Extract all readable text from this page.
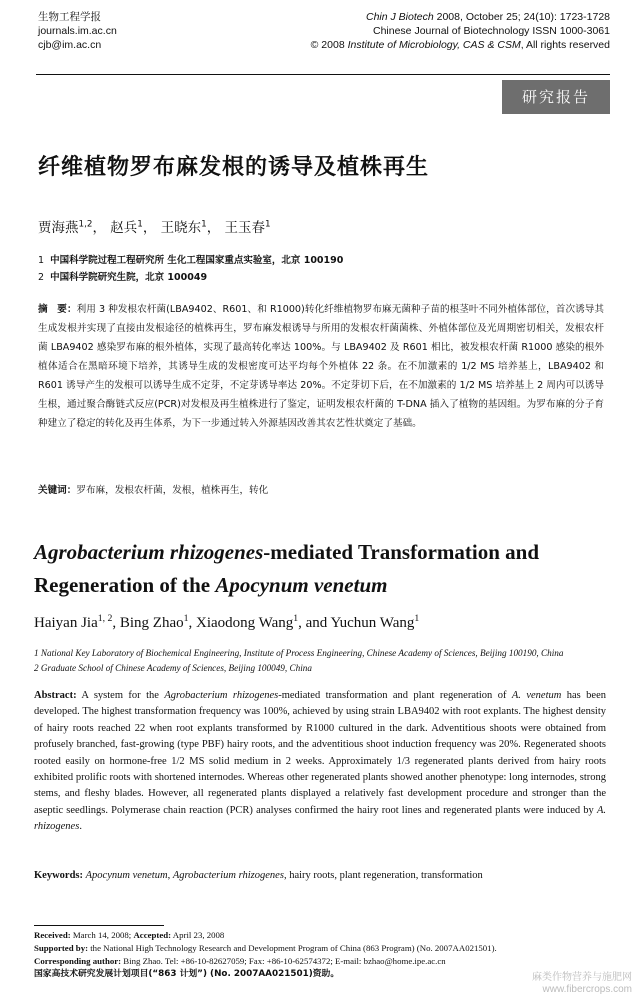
生物工程学报
journals.im.ac.cn
cjb@im.ac.cn
Chin J Biotech 2008, October 25; 24(10): 1723-1728
Chinese Journal of Biotechnology ISSN 1000-3061
© 2008 Institute of Microbiology, CAS & CSM, All rights reserved
研究报告
纤维植物罗布麻发根的诱导及植株再生
贾海燕$^{1,2}$， 赵兵$^1$， 王晓东$^1$， 王玉春$^1$
1 中国科学院过程工程研究所 生化工程国家重点实验室，北京 100190
2 中国科学院研究生院，北京 100049
摘　要：利用 3 种发根农杆菌(LBA9402、R601、和 R1000)转化纤维植物罗布麻无菌种子苗的根茎叶不同外植体部位，首次诱导其生成发根并实现了直接由发根途径的植株再生，罗布麻发根诱导与所用的发根农杆菌菌株、外植体部位及光周期密切相关，发根农杆菌 LBA9402 感染罗布麻的根外植体，实现了最高转化率达 100%。与 LBA9402 及 R601 相比，被发根农杆菌 R1000 感染的根外植体适合在黑暗环境下培养，其诱导生成的发根密度可达平均每个外植体 22 条。在不加激素的 1/2 MS 培养基上，LBA9402 和 R601 诱导产生的发根可以诱导生成不定芽，不定芽诱导率达 20%。不定芽切下后，在不加激素的 1/2 MS 培养基上 2 周内可以诱导生根，通过聚合酶链式反应(PCR)对发根及再生植株进行了鉴定，证明发根农杆菌的 T-DNA 插入了植物的基因组。为罗布麻的分子育种建立了稳定的转化及再生体系，为下一步通过转入外源基因改善其农艺性状奠定了基础。
关键词：罗布麻，发根农杆菌，发根，植株再生，转化
Agrobacterium rhizogenes-mediated Transformation and
Regeneration of the Apocynum venetum
Haiyan Jia$^{1, 2}$, Bing Zhao$^1$, Xiaodong Wang$^1$, and Yuchun Wang$^1$
1 National Key Laboratory of Biochemical Engineering, Institute of Process Engineering, Chinese Academy of Sciences, Beijing 100190, China
2 Graduate School of Chinese Academy of Sciences, Beijing 100049, China
Abstract: A system for the Agrobacterium rhizogenes-mediated transformation and plant regeneration of A. venetum has been developed. The highest transformation frequency was 100%, achieved by using strain LBA9402 with root explants. The highest density of hairy roots reached 22 when root explants transformed by R1000 cultured in the dark. Adventitious shoots were obtained from profusely branched, fast-growing (type PBF) hairy roots, and the adventitious shoot induction frequency was 20%. Regenerated shoots rooted easily on hormone-free 1/2 MS solid medium in 2 weeks. Approximately 1/3 regenerated plants derived from hairy roots exhibited prolific roots with shortened internodes. Whereas other regenerated plants showed another phenotype: long internodes, strong stems, and fleshy blades. However, all regenerated plants displayed a relatively fast development procedure and stronger than the aseptic seedlings. Polymerase chain reaction (PCR) analyses confirmed the hairy root lines and regenerated plants were induced by A. rhizogenes.
Keywords: Apocynum venetum, Agrobacterium rhizogenes, hairy roots, plant regeneration, transformation
Received: March 14, 2008; Accepted: April 23, 2008
Supported by: the National High Technology Research and Development Program of China (863 Program) (No. 2007AA021501).
Corresponding author: Bing Zhao. Tel: +86-10-82627059; Fax: +86-10-62574372; E-mail: bzhao@home.ipe.ac.cn
国家高技术研究发展计划项目(“863 计划”) (No. 2007AA021501)资助。	麻类作物营养与施肥网
www.fibercrops.com
